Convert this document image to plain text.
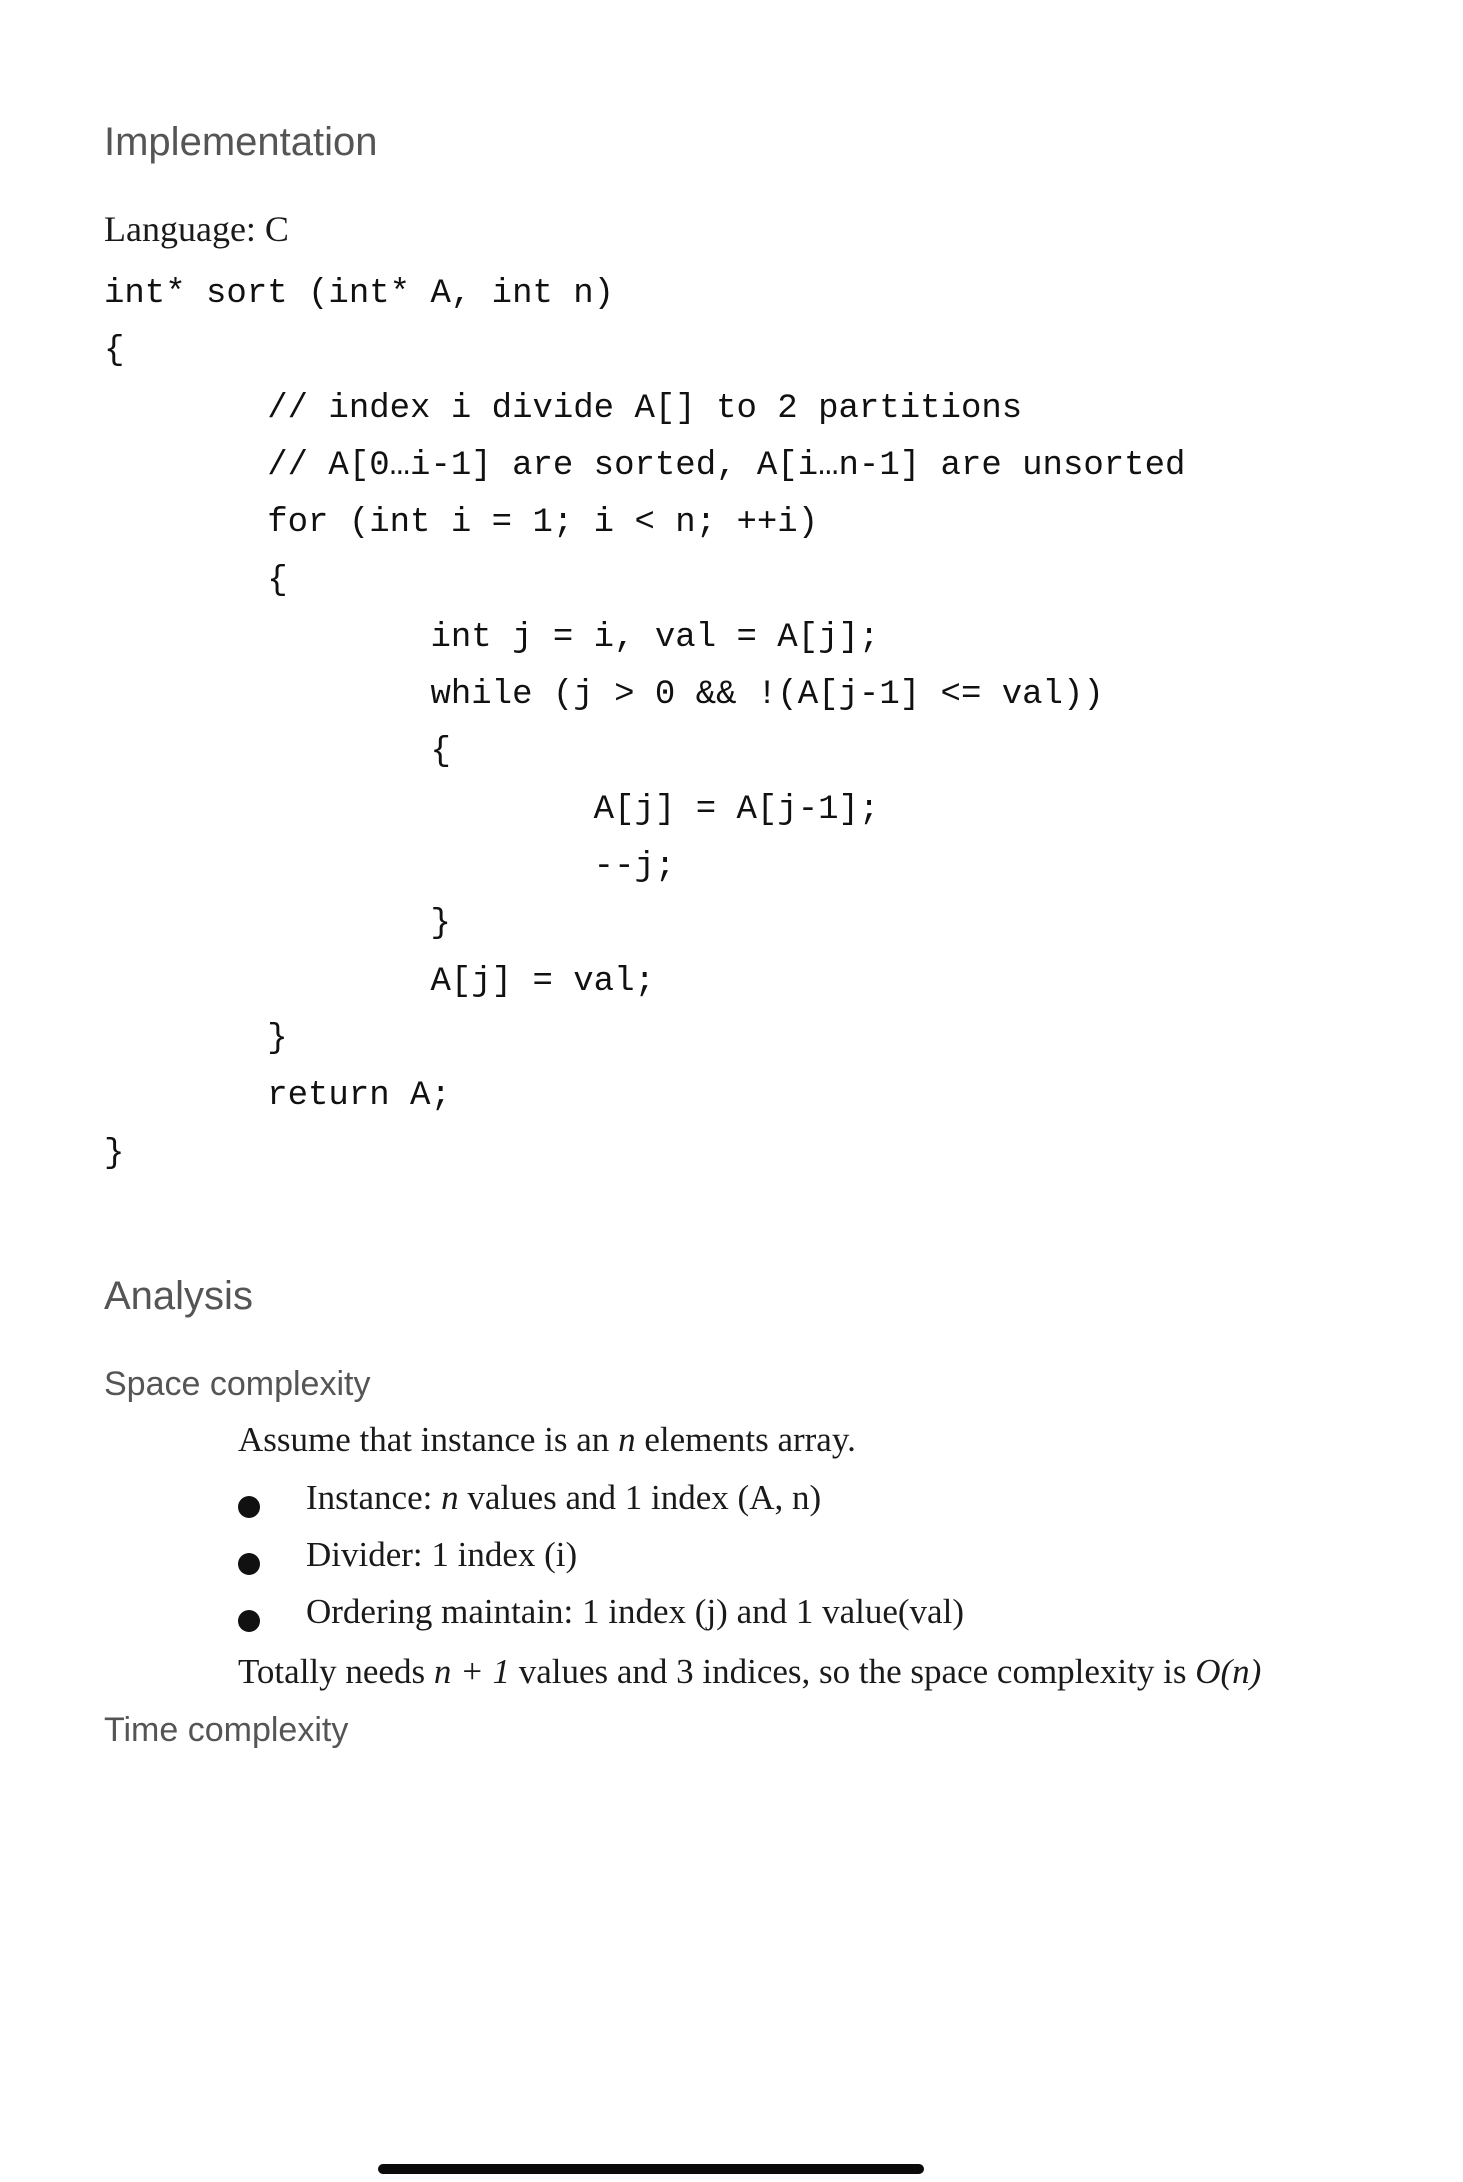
Implementation
Language: C
int* sort (int* A, int n)
{
// index i divide A[] to 2 partitions
// A[0…i-1] are sorted, A[i…n-1] are unsorted
for (int i = 1; i < n; ++i)
{
int j = i, val = A[j];
while (j > 0 && !(A[j-1] <= val))
{
A[j] = A[j-1];
--j;
}
A[j] = val;
}
return A;
}
Analysis
Space complexity
Assume that instance is an n elements array.
Instance: n values and 1 index (A, n)
Divider: 1 index (i)
Ordering maintain: 1 index (j) and 1 value(val)
Totally needs n + 1 values and 3 indices, so the space complexity is O(n)
Time complexity
